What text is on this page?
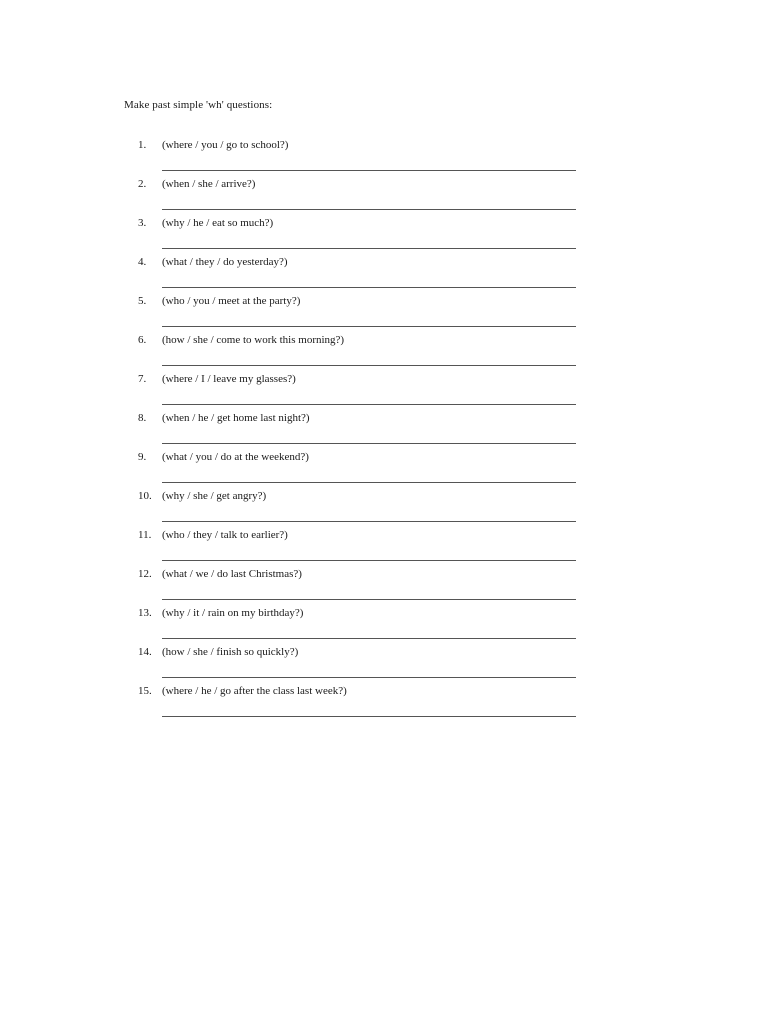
Make past simple 'wh' questions:
1.	(where / you / go to school?)
2.	(when / she / arrive?)
3.	(why / he / eat so much?)
4.	(what / they / do yesterday?)
5.	(who / you / meet at the party?)
6.	(how / she / come to work this morning?)
7.	(where / I / leave my glasses?)
8.	(when / he / get home last night?)
9.	(what / you / do at the weekend?)
10. (why / she / get angry?)
11. (who / they / talk to earlier?)
12. (what / we / do last Christmas?)
13. (why / it / rain on my birthday?)
14. (how / she / finish so quickly?)
15. (where / he / go after the class last week?)
